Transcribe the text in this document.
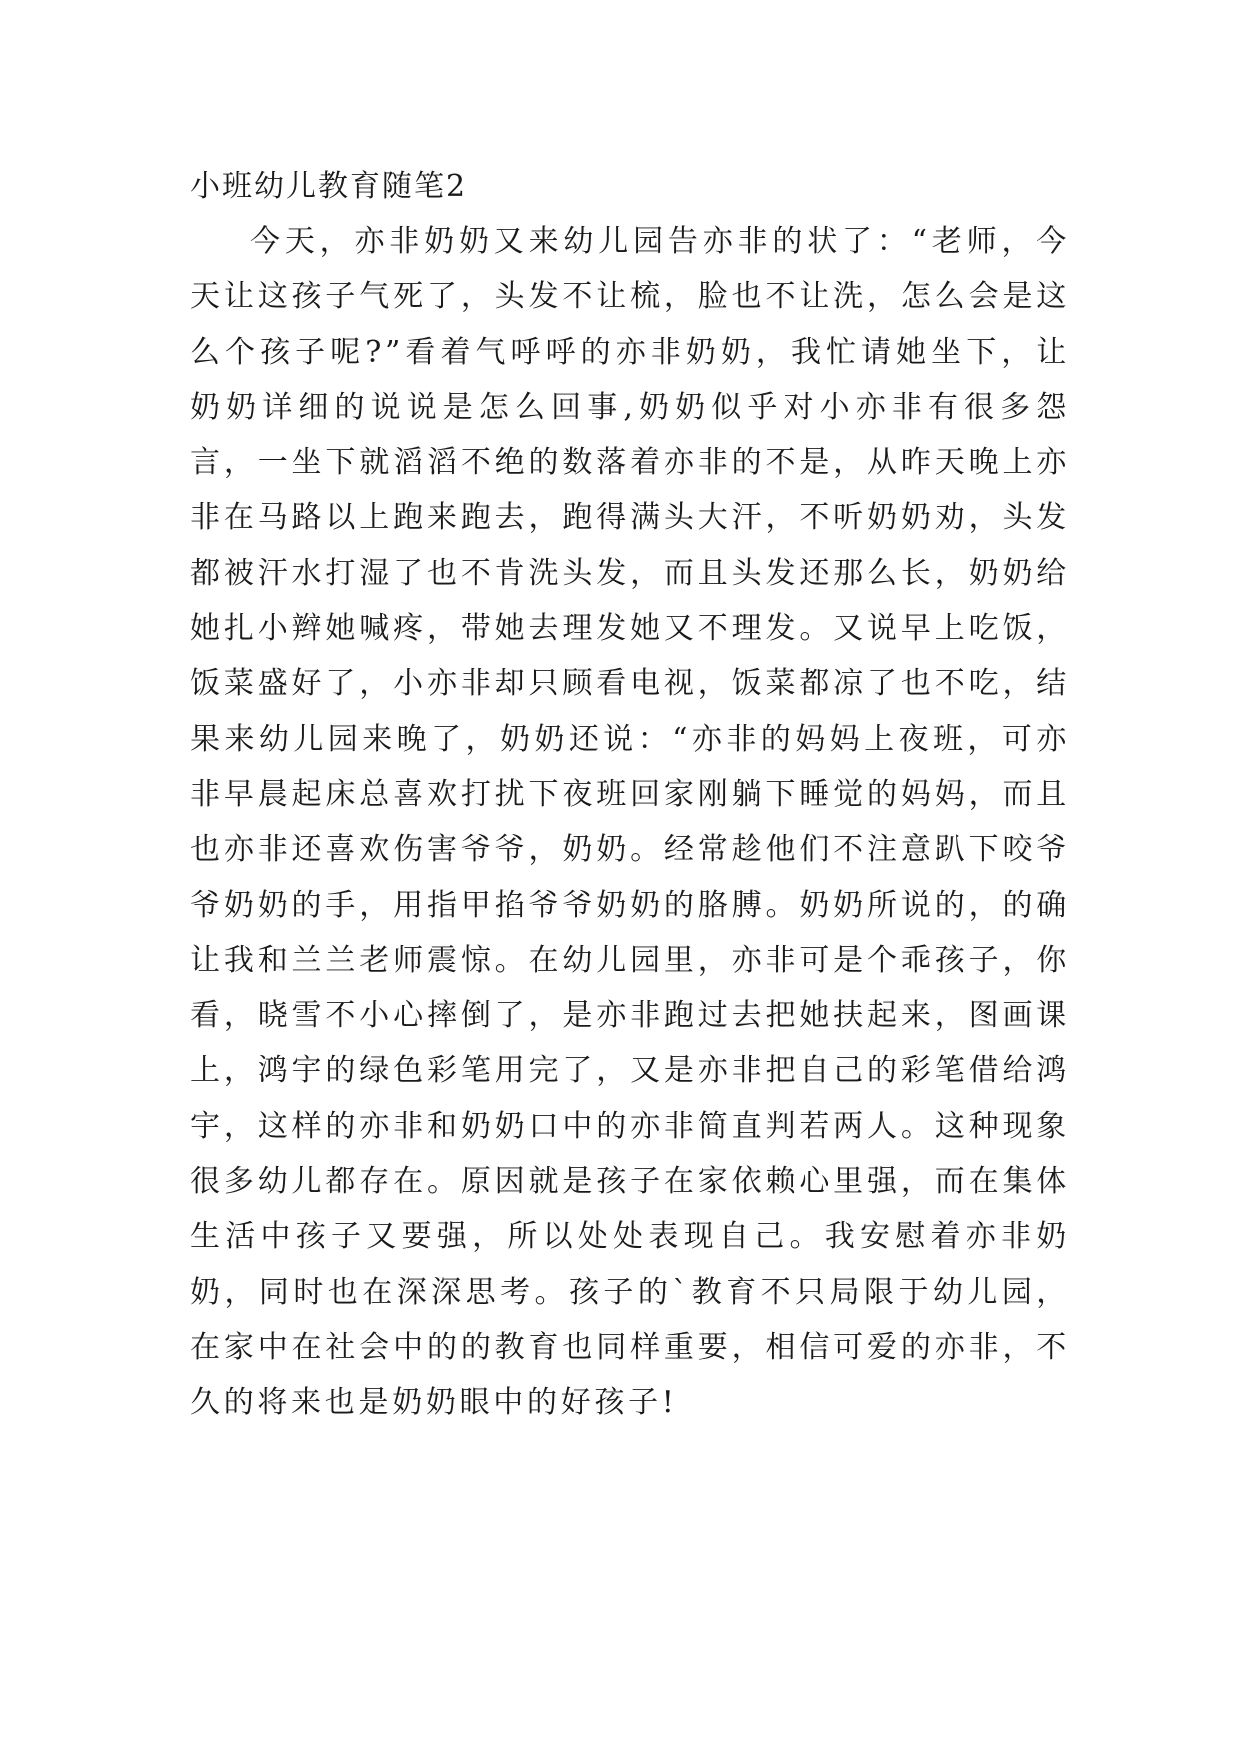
小班幼儿教育随笔2

今天，亦非奶奶又来幼儿园告亦非的状了：“老师，今天让这孩子气死了，头发不让梳，脸也不让洗，怎么会是这么个孩子呢?”看着气呼呼的亦非奶奶，我忙请她坐下，让奶奶详细的说说是怎么回事,奶奶似乎对小亦非有很多怨言，一坐下就滔滔不绝的数落着亦非的不是，从昨天晚上亦非在马路以上跑来跑去，跑得满头大汗，不听奶奶劝，头发都被汗水打湿了也不肯洗头发，而且头发还那么长，奶奶给她扎小辫她喊疼，带她去理发她又不理发。又说早上吃饭，饭菜盛好了，小亦非却只顾看电视，饭菜都凉了也不吃，结果来幼儿园来晚了，奶奶还说：“亦非的妈妈上夜班，可亦非早晨起床总喜欢打扰下夜班回家刚躺下睡觉的妈妈，而且也亦非还喜欢伤害爷爷，奶奶。经常趁他们不注意趴下咬爷爷奶奶的手，用指甲掐爷爷奶奶的胳膊。奶奶所说的，的确让我和兰兰老师震惊。在幼儿园里，亦非可是个乖孩子，你看，晓雪不小心摔倒了，是亦非跑过去把她扶起来，图画课上，鸿宇的绿色彩笔用完了，又是亦非把自己的彩笔借给鸿宇，这样的亦非和奶奶口中的亦非简直判若两人。这种现象很多幼儿都存在。原因就是孩子在家依赖心里强，而在集体生活中孩子又要强，所以处处表现自己。我安慰着亦非奶奶，同时也在深深思考。孩子的`教育不只局限于幼儿园，在家中在社会中的的教育也同样重要，相信可爱的亦非，不久的将来也是奶奶眼中的好孩子!
